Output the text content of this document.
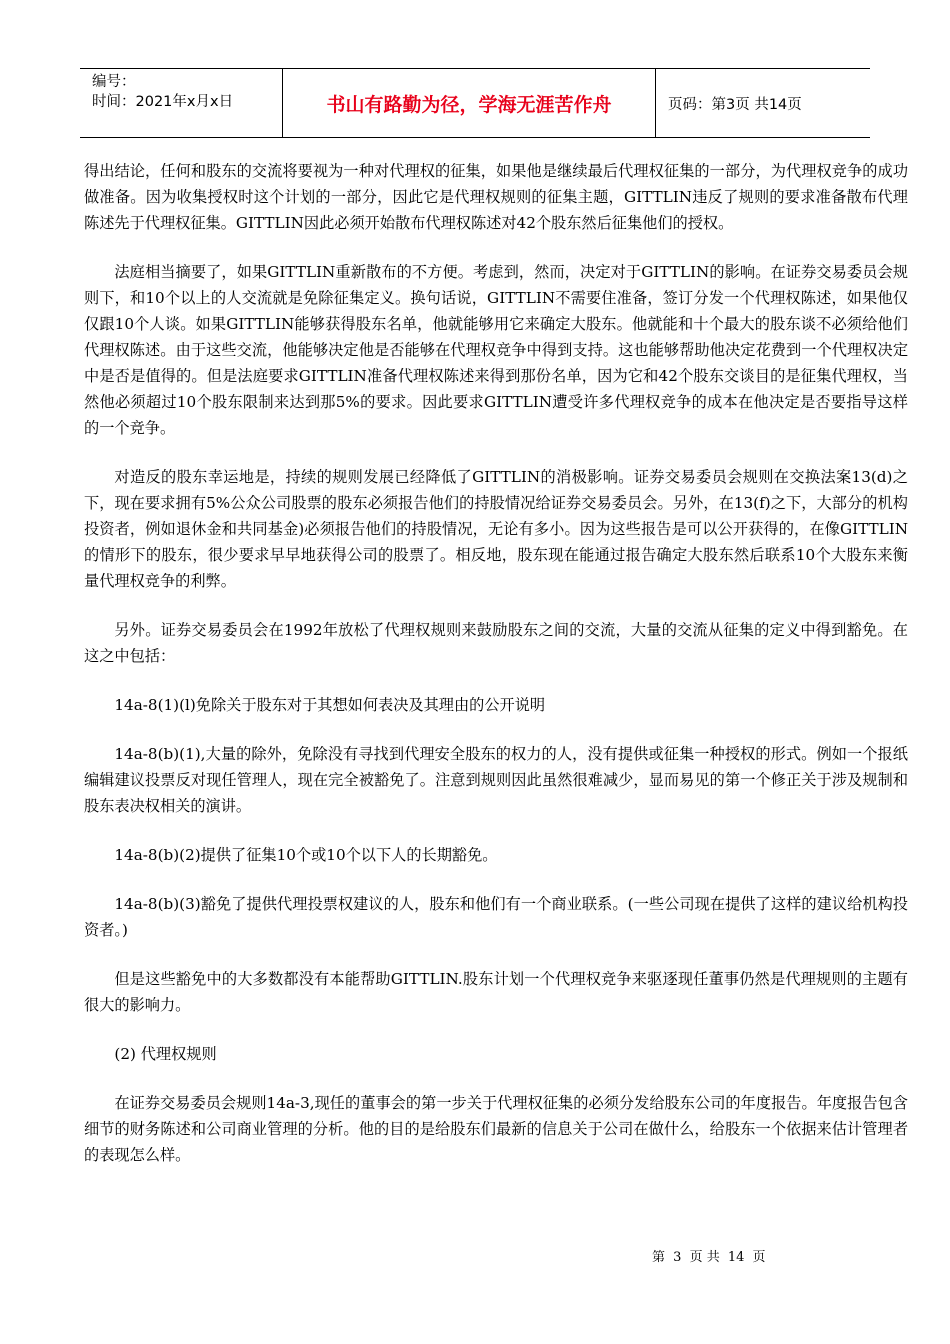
编号：
时间：2021年x月x日	书山有路勤为径，学海无涯苦作舟	页码：第3页 共14页

得出结论，任何和股东的交流将要视为一种对代理权的征集，如果他是继续最后代理权征集的一部分，为代理权竞争的成功做准备。因为收集授权时这个计划的一部分，因此它是代理权规则的征集主题，GITTLIN违反了规则的要求准备散布代理陈述先于代理权征集。GITTLIN因此必须开始散布代理权陈述对42个股东然后征集他们的授权。

法庭相当摘要了，如果GITTLIN重新散布的不方便。考虑到，然而，决定对于GITTLIN的影响。在证券交易委员会规则下，和10个以上的人交流就是免除征集定义。换句话说，GITTLIN不需要住准备，签订分发一个代理权陈述，如果他仅仅跟10个人谈。如果GITTLIN能够获得股东名单，他就能够用它来确定大股东。他就能和十个最大的股东谈不必须给他们代理权陈述。由于这些交流，他能够决定他是否能够在代理权竞争中得到支持。这也能够帮助他决定花费到一个代理权决定中是否是值得的。但是法庭要求GITTLIN准备代理权陈述来得到那份名单，因为它和42个股东交谈目的是征集代理权，当然他必须超过10个股东限制来达到那5%的要求。因此要求GITTLIN遭受许多代理权竞争的成本在他决定是否要指导这样的一个竞争。

对造反的股东幸运地是，持续的规则发展已经降低了GITTLIN的消极影响。证券交易委员会规则在交换法案13(d)之下，现在要求拥有5%公众公司股票的股东必须报告他们的持股情况给证券交易委员会。另外，在13(f)之下，大部分的机构投资者，例如退休金和共同基金)必须报告他们的持股情况，无论有多小。因为这些报告是可以公开获得的，在像GITTLIN的情形下的股东，很少要求早早地获得公司的股票了。相反地，股东现在能通过报告确定大股东然后联系10个大股东来衡量代理权竞争的利弊。

另外。证券交易委员会在1992年放松了代理权规则来鼓励股东之间的交流，大量的交流从征集的定义中得到豁免。在这之中包括：

14a-8(1)(l)免除关于股东对于其想如何表决及其理由的公开说明

14a-8(b)(1),大量的除外，免除没有寻找到代理安全股东的权力的人，没有提供或征集一种授权的形式。例如一个报纸编辑建议投票反对现任管理人，现在完全被豁免了。注意到规则因此虽然很难减少，显而易见的第一个修正关于涉及规制和股东表决权相关的演讲。

14a-8(b)(2)提供了征集10个或10个以下人的长期豁免。

14a-8(b)(3)豁免了提供代理投票权建议的人，股东和他们有一个商业联系。(一些公司现在提供了这样的建议给机构投资者。)

但是这些豁免中的大多数都没有本能帮助GITTLIN.股东计划一个代理权竞争来驱逐现任董事仍然是代理规则的主题有很大的影响力。

(2) 代理权规则

在证券交易委员会规则14a-3,现任的董事会的第一步关于代理权征集的必须分发给股东公司的年度报告。年度报告包含细节的财务陈述和公司商业管理的分析。他的目的是给股东们最新的信息关于公司在做什么，给股东一个依据来估计管理者的表现怎么样。

第 3 页 共 14 页
